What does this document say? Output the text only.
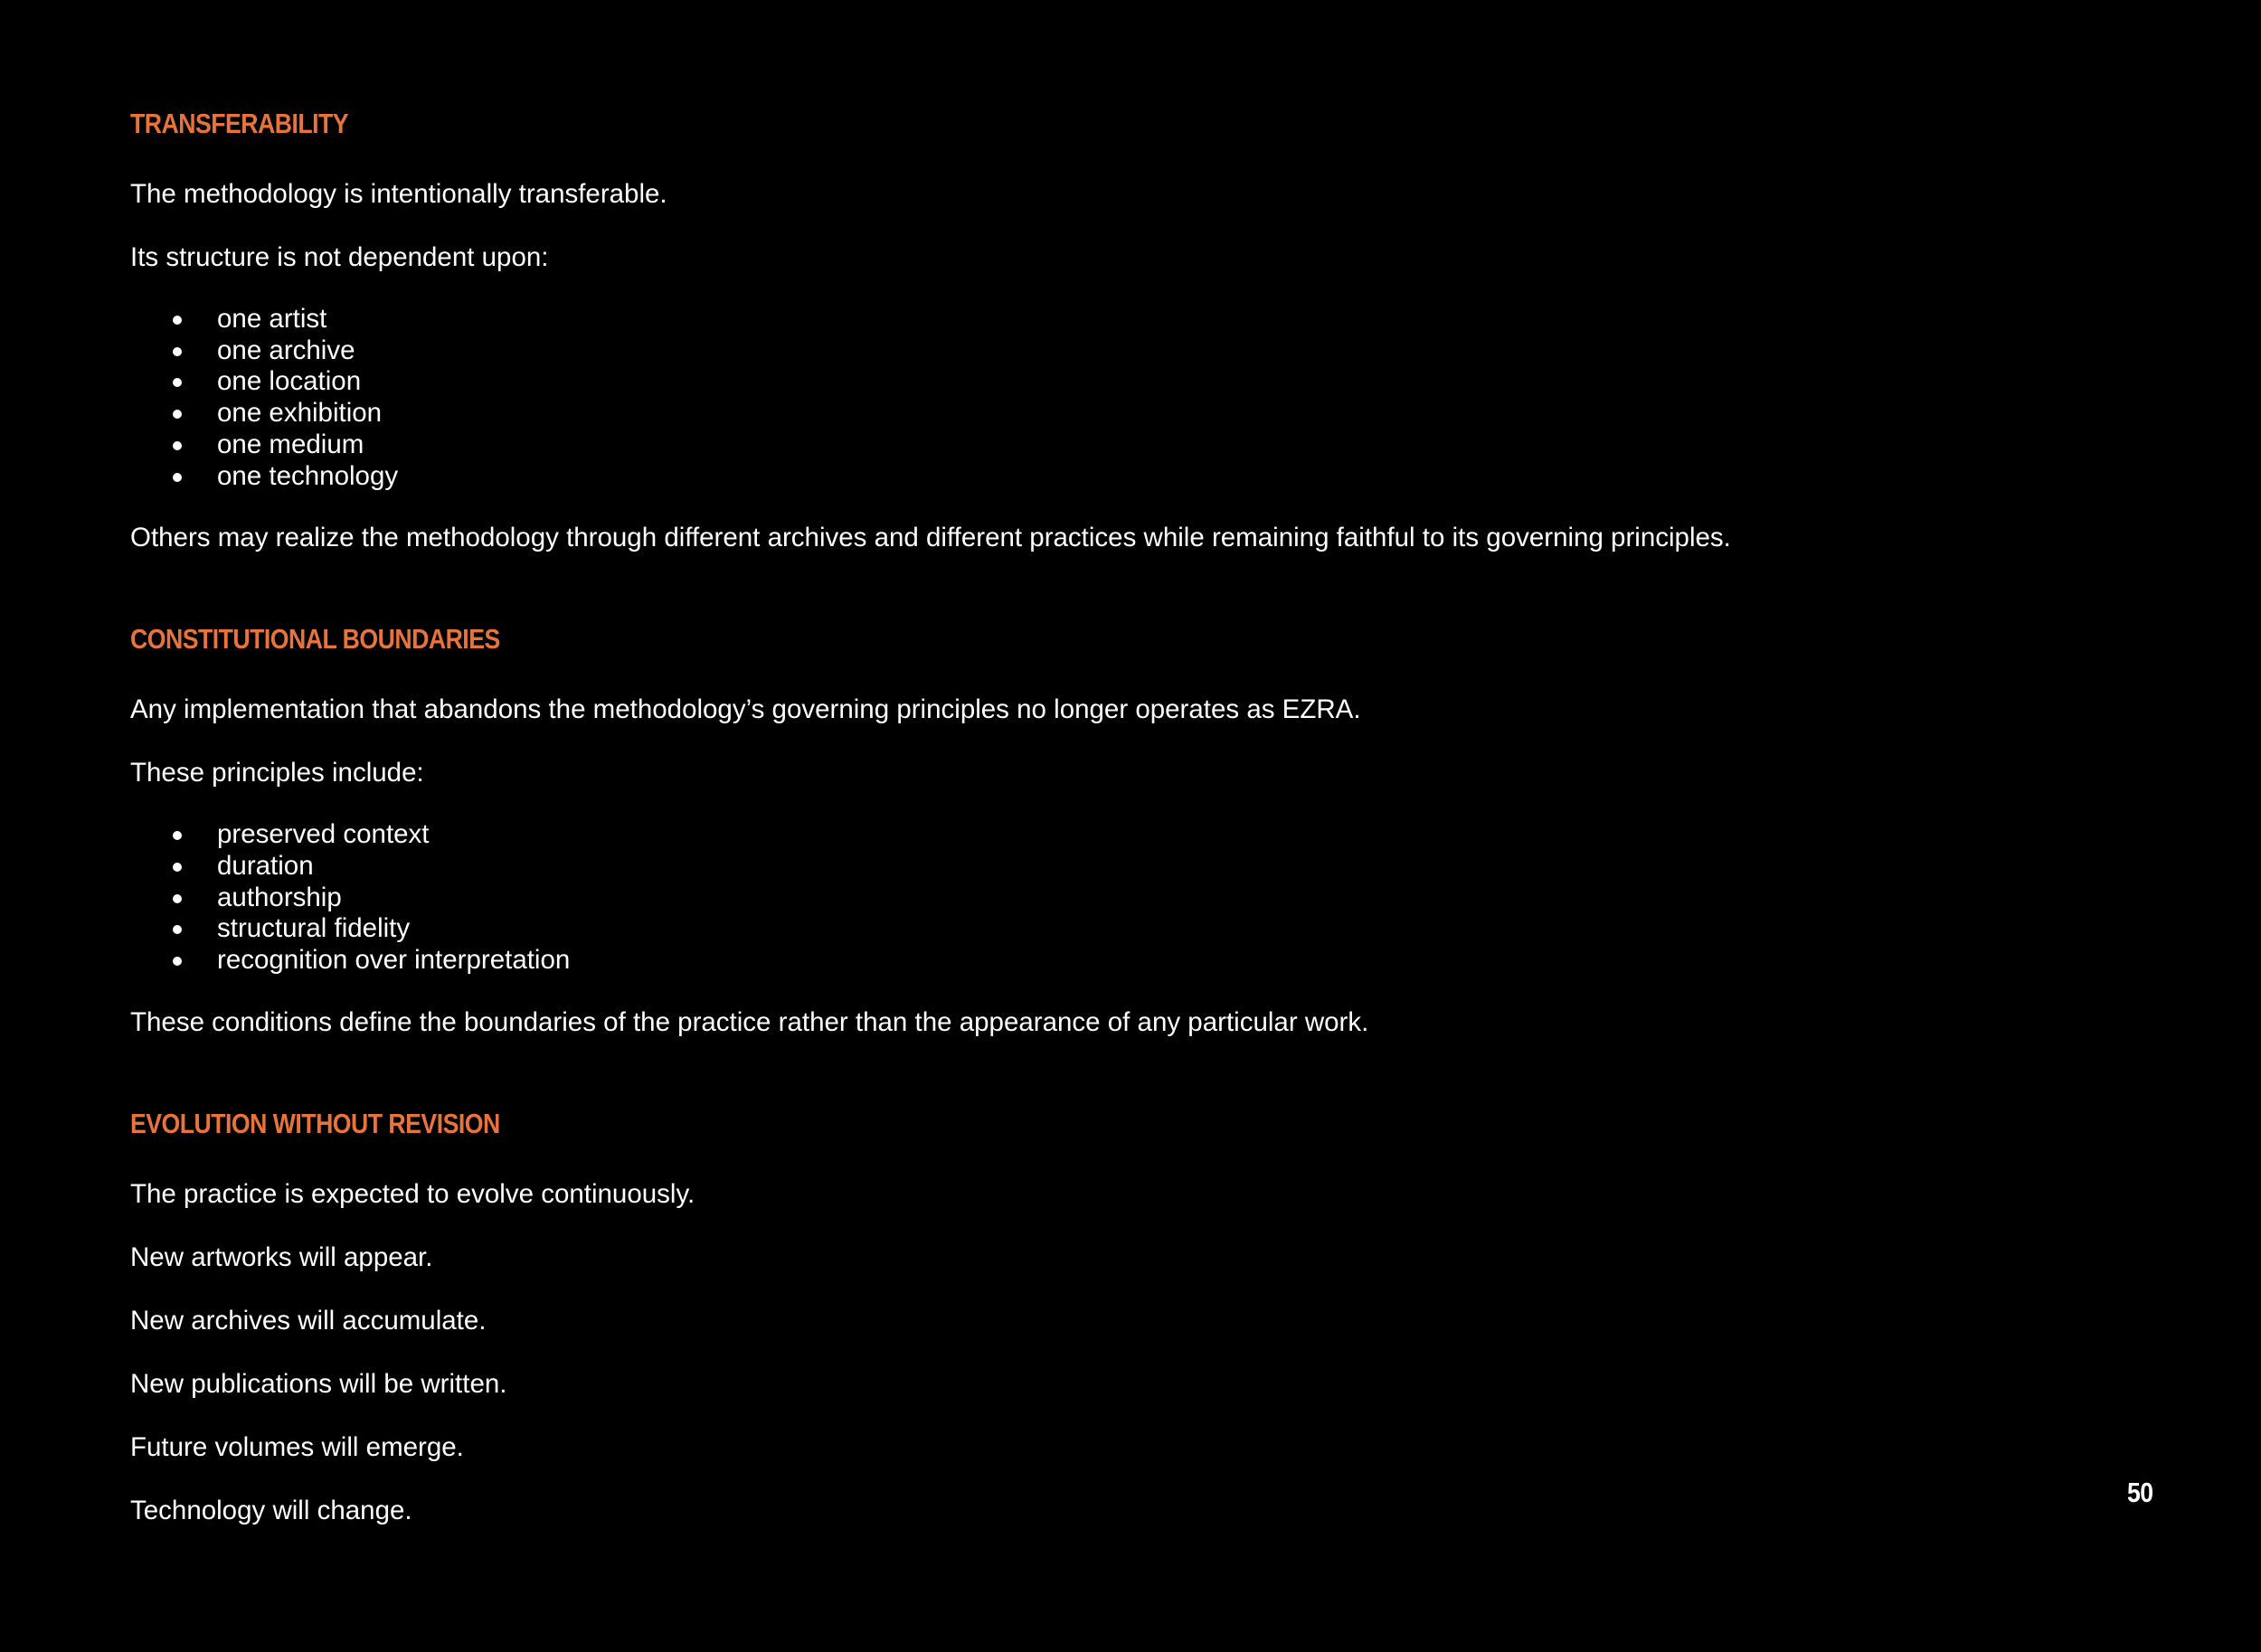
TRANSFERABILITY

The methodology is intentionally transferable.

Its structure is not dependent upon:

one artist
one archive
one location
one exhibition
one medium
one technology

Others may realize the methodology through different archives and different practices while remaining faithful to its governing principles.

CONSTITUTIONAL BOUNDARIES

Any implementation that abandons the methodology’s governing principles no longer operates as EZRA.

These principles include:

preserved context
duration
authorship
structural fidelity
recognition over interpretation

These conditions define the boundaries of the practice rather than the appearance of any particular work.

EVOLUTION WITHOUT REVISION

The practice is expected to evolve continuously.

New artworks will appear.

New archives will accumulate.

New publications will be written.

Future volumes will emerge.

Technology will change.

50
